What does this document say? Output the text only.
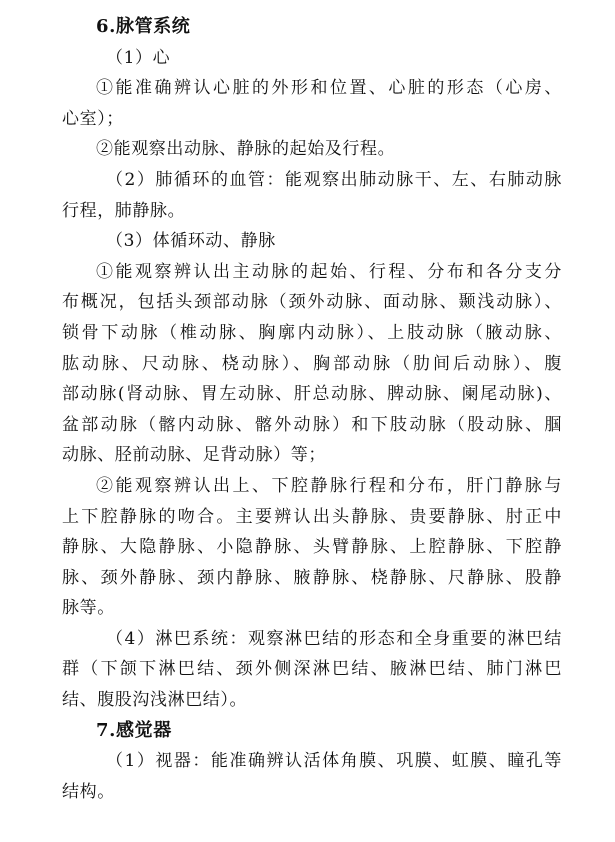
6.脉管系统
（1）心
①能准确辨认心脏的外形和位置、心脏的形态（心房、
心室）；
②能观察出动脉、静脉的起始及行程。
（2）肺循环的血管：能观察出肺动脉干、左、右肺动脉
行程，肺静脉。
（3）体循环动、静脉
①能观察辨认出主动脉的起始、行程、分布和各分支分
布概况，包括头颈部动脉（颈外动脉、面动脉、颞浅动脉）、
锁骨下动脉（椎动脉、胸廓内动脉）、上肢动脉（腋动脉、
肱动脉、尺动脉、桡动脉）、胸部动脉（肋间后动脉）、腹
部动脉(肾动脉、胃左动脉、肝总动脉、脾动脉、阑尾动脉)、
盆部动脉（髂内动脉、髂外动脉）和下肢动脉（股动脉、腘
动脉、胫前动脉、足背动脉）等；
②能观察辨认出上、下腔静脉行程和分布，肝门静脉与
上下腔静脉的吻合。主要辨认出头静脉、贵要静脉、肘正中
静脉、大隐静脉、小隐静脉、头臂静脉、上腔静脉、下腔静
脉、颈外静脉、颈内静脉、腋静脉、桡静脉、尺静脉、股静
脉等。
（4）淋巴系统：观察淋巴结的形态和全身重要的淋巴结
群（下颌下淋巴结、颈外侧深淋巴结、腋淋巴结、肺门淋巴
结、腹股沟浅淋巴结）。
7.感觉器
（1）视器：能准确辨认活体角膜、巩膜、虹膜、瞳孔等
结构。
